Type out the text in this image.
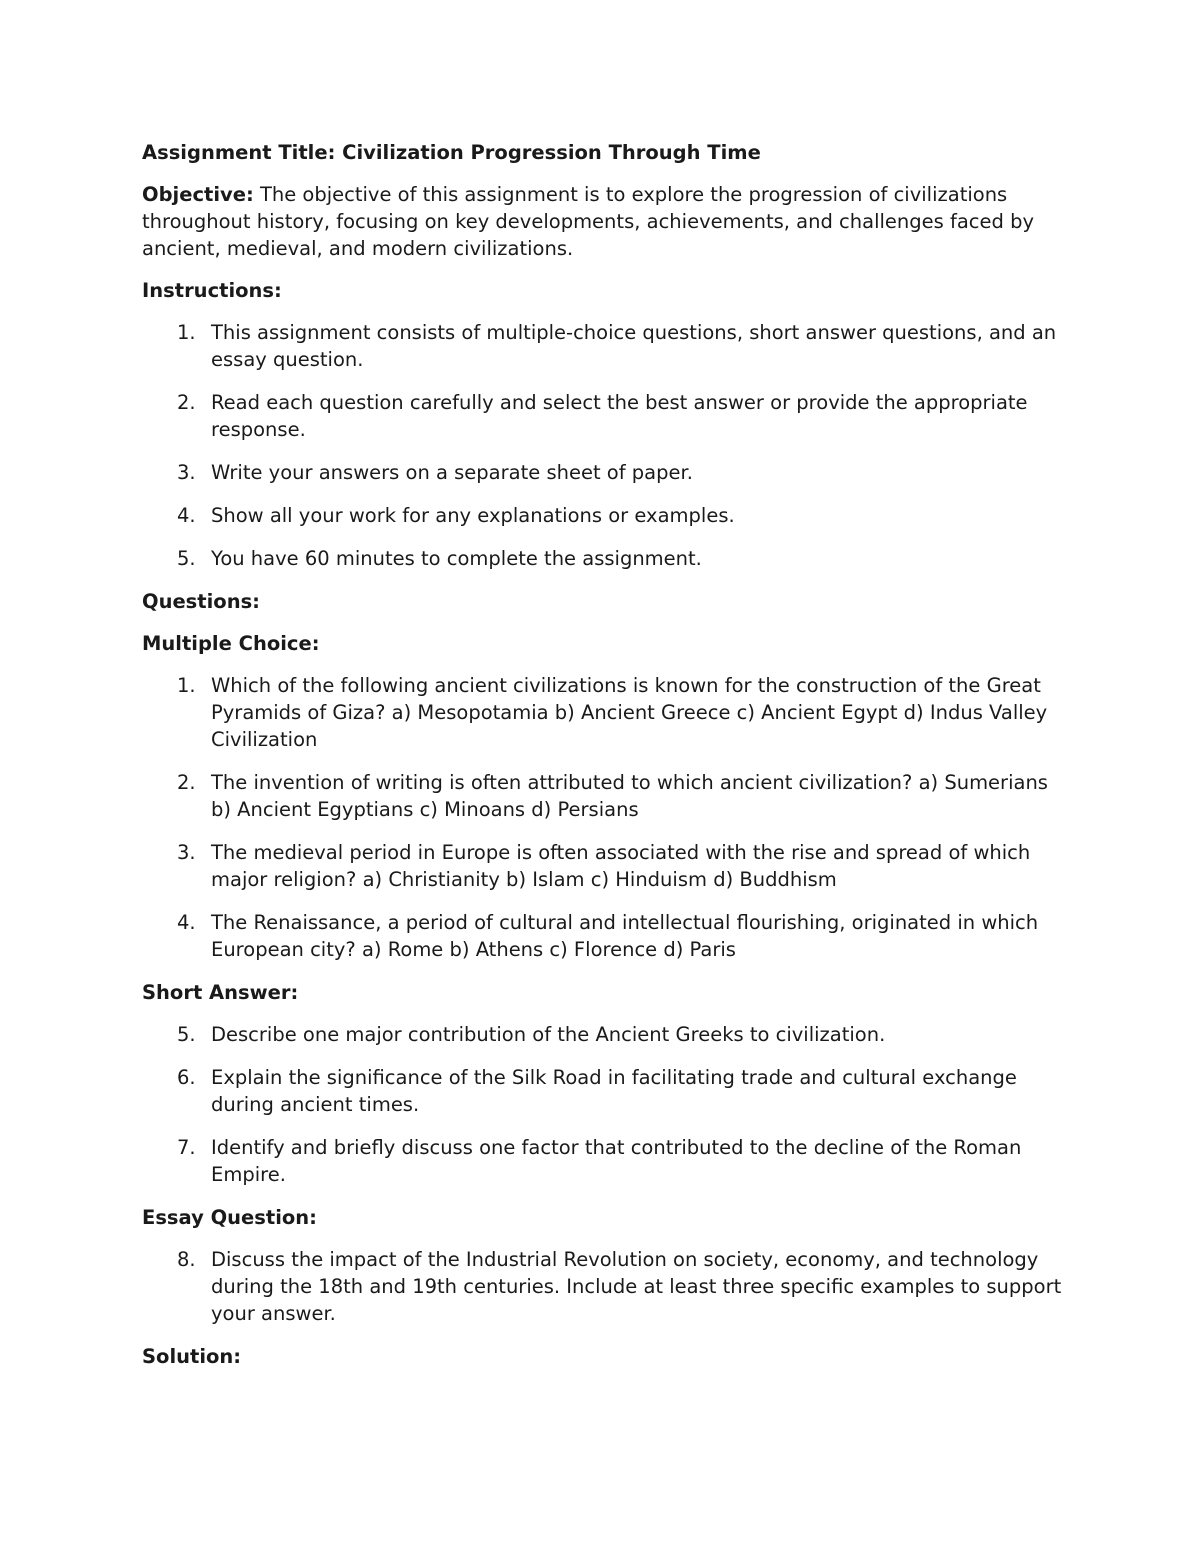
Assignment Title: Civilization Progression Through Time
Objective: The objective of this assignment is to explore the progression of civilizations throughout history, focusing on key developments, achievements, and challenges faced by ancient, medieval, and modern civilizations.
Instructions:
1. This assignment consists of multiple-choice questions, short answer questions, and an essay question.
2. Read each question carefully and select the best answer or provide the appropriate response.
3. Write your answers on a separate sheet of paper.
4. Show all your work for any explanations or examples.
5. You have 60 minutes to complete the assignment.
Questions:
Multiple Choice:
1. Which of the following ancient civilizations is known for the construction of the Great Pyramids of Giza? a) Mesopotamia b) Ancient Greece c) Ancient Egypt d) Indus Valley Civilization
2. The invention of writing is often attributed to which ancient civilization? a) Sumerians b) Ancient Egyptians c) Minoans d) Persians
3. The medieval period in Europe is often associated with the rise and spread of which major religion? a) Christianity b) Islam c) Hinduism d) Buddhism
4. The Renaissance, a period of cultural and intellectual flourishing, originated in which European city? a) Rome b) Athens c) Florence d) Paris
Short Answer:
5. Describe one major contribution of the Ancient Greeks to civilization.
6. Explain the significance of the Silk Road in facilitating trade and cultural exchange during ancient times.
7. Identify and briefly discuss one factor that contributed to the decline of the Roman Empire.
Essay Question:
8. Discuss the impact of the Industrial Revolution on society, economy, and technology during the 18th and 19th centuries. Include at least three specific examples to support your answer.
Solution:
